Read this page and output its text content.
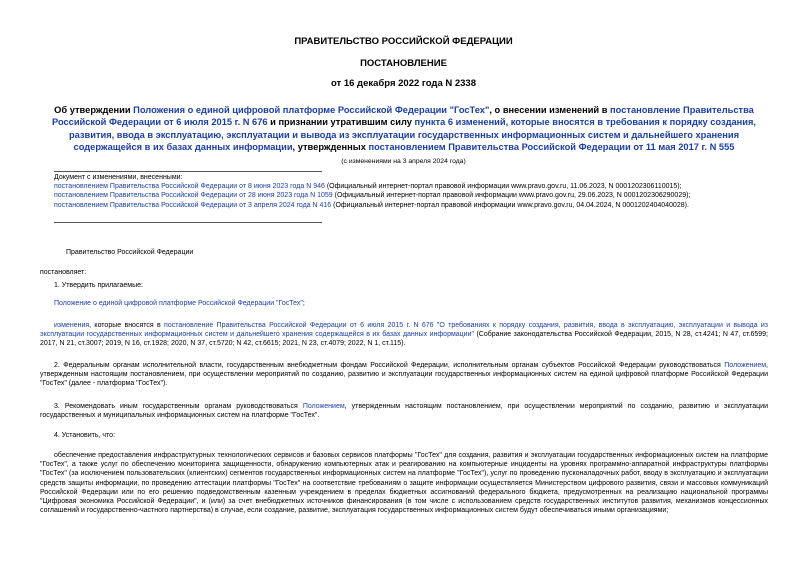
ПРАВИТЕЛЬСТВО РОССИЙСКОЙ ФЕДЕРАЦИИ
ПОСТАНОВЛЕНИЕ
от 16 декабря 2022 года N 2338
Об утверждении Положения о единой цифровой платформе Российской Федерации "ГосТех", о внесении изменений в постановление Правительства Российской Федерации от 6 июля 2015 г. N 676 и признании утратившим силу пункта 6 изменений, которые вносятся в требования к порядку создания, развития, ввода в эксплуатацию, эксплуатации и вывода из эксплуатации государственных информационных систем и дальнейшего хранения содержащейся в их базах данных информации, утвержденных постановлением Правительства Российской Федерации от 11 мая 2017 г. N 555
(с изменениями на 3 апреля 2024 года)
Документ с изменениями, внесенными:
постановлением Правительства Российской Федерации от 8 июня 2023 года N 946 (Официальный интернет-портал правовой информации www.pravo.gov.ru, 11.06.2023, N 0001202306110015);
постановлением Правительства Российской Федерации от 28 июня 2023 года N 1059 (Официальный интернет-портал правовой информации www.pravo.gov.ru, 29.06.2023, N 0001202306290029);
постановлением Правительства Российской Федерации от 3 апреля 2024 года N 416 (Официальный интернет-портал правовой информации www.pravo.gov.ru, 04.04.2024, N 0001202404040028).
Правительство Российской Федерации
постановляет:
1. Утвердить прилагаемые:
Положение о единой цифровой платформе Российской Федерации "ГосТех";
изменения, которые вносятся в постановление Правительства Российской Федерации от 6 июля 2015 г. N 676 "О требованиях к порядку создания, развития, ввода в эксплуатацию, эксплуатации и вывода из эксплуатации государственных информационных систем и дальнейшего хранения содержащейся в их базах данных информации" (Собрание законодательства Российской Федерации, 2015, N 28, ст.4241; N 47, ст.6599; 2017, N 21, ст.3007; 2019, N 16, ст.1928; 2020, N 37, ст.5720; N 42, ст.6615; 2021, N 23, ст.4079; 2022, N 1, ст.115).
2. Федеральным органам исполнительной власти, государственным внебюджетным фондам Российской Федерации, исполнительным органам субъектов Российской Федерации руководствоваться Положением, утвержденным настоящим постановлением, при осуществлении мероприятий по созданию, развитию и эксплуатации государственных информационных систем на единой цифровой платформе Российской Федерации "ГосТех" (далее - платформа "ГосТех").
3. Рекомендовать иным государственным органам руководствоваться Положением, утвержденным настоящим постановлением, при осуществлении мероприятий по созданию, развитию и эксплуатации государственных и муниципальных информационных систем на платформе "ГосТех".
4. Установить, что:
обеспечение предоставления инфраструктурных технологических сервисов и базовых сервисов платформы "ГосТех" для создания, развития и эксплуатации государственных информационных систем на платформе "ГосТех", а также услуг по обеспечению мониторинга защищенности, обнаружению компьютерных атак и реагированию на компьютерные инциденты на уровнях программно-аппаратной инфраструктуры платформы "ГосТех" (за исключением пользовательских (клиентских) сегментов государственных информационных систем на платформе "ГосТех"), услуг по проведению пусконаладочных работ, вводу в эксплуатацию и эксплуатации средств защиты информации, по проведению аттестации платформы "ГосТех" на соответствие требованиям о защите информации осуществляется Министерством цифрового развития, связи и массовых коммуникаций Российской Федерации или по его решению подведомственным казенным учреждением в пределах бюджетных ассигнований федерального бюджета, предусмотренных на реализацию национальной программы "Цифровая экономика Российской Федерации", и (или) за счет внебюджетных источников финансирования (в том числе с использованием средств государственных институтов развития, механизмов концессионных соглашений и государственно-частного партнерства) в случае, если создание, развитие, эксплуатация государственных информационных систем будут обеспечиваться иными организациями;
